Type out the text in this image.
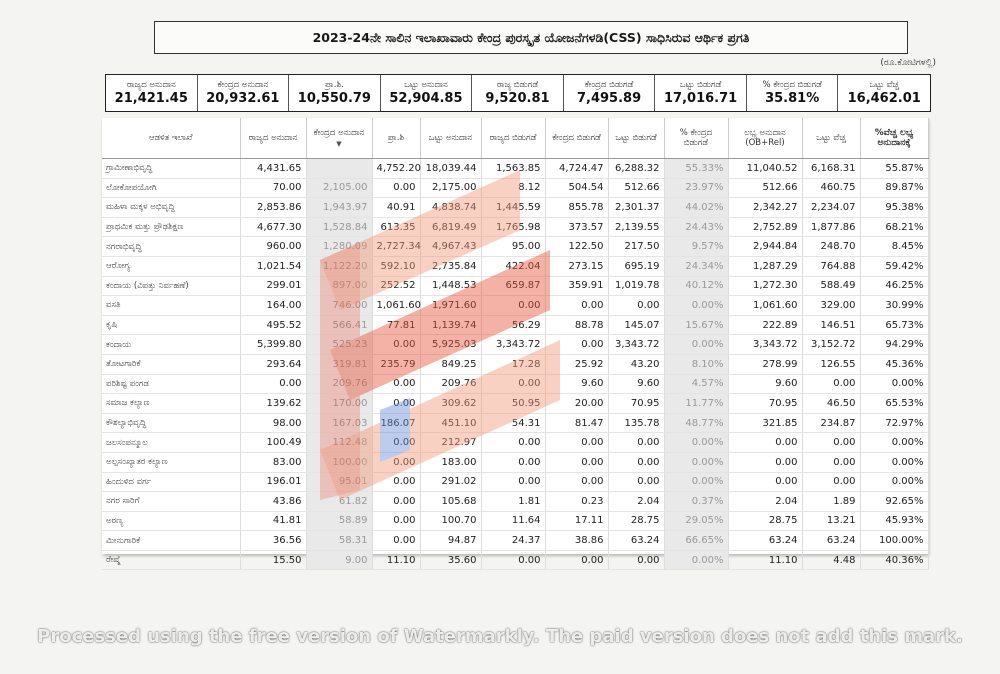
2023-24ನೇ ಸಾಲಿನ ಇಲಾಖಾವಾರು ಕೇಂದ್ರ ಪುರಸ್ಕೃತ ಯೋಜನೆಗಳಡಿ(CSS) ಸಾಧಿಸಿರುವ ಆರ್ಥಿಕ ಪ್ರಗತಿ
(ರೂ.ಕೋಟಿಗಳಲ್ಲಿ)
ರಾಜ್ಯದ ಅನುದಾನ
21,421.45
ಕೇಂದ್ರದ ಅನುದಾನ
20,932.61
ಪ್ರಾ.ಶಿ.
10,550.79
ಒಟ್ಟು ಅನುದಾನ
52,904.85
ರಾಜ್ಯ ಬಿಡುಗಡೆ
9,520.81
ಕೇಂದ್ರದ ಬಿಡುಗಡೆ
7,495.89
ಒಟ್ಟು ಬಿಡುಗಡೆ
17,016.71
% ಕೇಂದ್ರದ ಬಿಡುಗಡೆ
35.81%
ಒಟ್ಟು ವೆಚ್ಚ
16,462.01
ಆಡಳಿತ ಇಲಾಖೆ	ರಾಜ್ಯದ ಅನುದಾನ	ಕೇಂದ್ರದ ಅನುದಾನ
▼	ಪ್ರಾ.ಶಿ	ಒಟ್ಟು ಅನುದಾನ	ರಾಜ್ಯದ ಬಿಡುಗಡೆ	ಕೇಂದ್ರದ ಬಿಡುಗಡೆ	ಒಟ್ಟು ಬಿಡುಗಡೆ	% ಕೇಂದ್ರದ ಬಿಡುಗಡೆ	ಲಭ್ಯ ಅನುದಾನ (OB+Rel)	ಒಟ್ಟು ವೆಚ್ಚ	%ವೆಚ್ಚ ಲಭ್ಯ ಅನುದಾನಕ್ಕೆ
ಗ್ರಾಮೀಣಾಭಿವೃದ್ಧಿ	4,431.65		4,752.20	18,039.44	1,563.85	4,724.47	6,288.32	55.33%	11,040.52	6,168.31	55.87%
ಲೋಕೋಪಯೋಗಿ	70.00	2,105.00	0.00	2,175.00	8.12	504.54	512.66	23.97%	512.66	460.75	89.87%
ಮಹಿಳಾ ಮಕ್ಕಳ ಅಭಿವೃದ್ಧಿ	2,853.86	1,943.97	40.91	4,838.74	1,445.59	855.78	2,301.37	44.02%	2,342.27	2,234.07	95.38%
ಪ್ರಾಥಮಿಕ ಮತ್ತು ಪ್ರೌಢಶಿಕ್ಷಣ	4,677.30	1,528.84	613.35	6,819.49	1,765.98	373.57	2,139.55	24.43%	2,752.89	1,877.86	68.21%
ನಗರಾಭಿವೃದ್ಧಿ	960.00	1,280.09	2,727.34	4,967.43	95.00	122.50	217.50	9.57%	2,944.84	248.70	8.45%
ಆರೋಗ್ಯ	1,021.54	1,122.20	592.10	2,735.84	422.04	273.15	695.19	24.34%	1,287.29	764.88	59.42%
ಕಂದಾಯ (ವಿಪತ್ತು ನಿರ್ವಹಣೆ)	299.01	897.00	252.52	1,448.53	659.87	359.91	1,019.78	40.12%	1,272.30	588.49	46.25%
ವಸತಿ	164.00	746.00	1,061.60	1,971.60	0.00	0.00	0.00	0.00%	1,061.60	329.00	30.99%
ಕೃಷಿ	495.52	566.41	77.81	1,139.74	56.29	88.78	145.07	15.67%	222.89	146.51	65.73%
ಕಂದಾಯ	5,399.80	525.23	0.00	5,925.03	3,343.72	0.00	3,343.72	0.00%	3,343.72	3,152.72	94.29%
ತೋಟಗಾರಿಕೆ	293.64	319.81	235.79	849.25	17.28	25.92	43.20	8.10%	278.99	126.55	45.36%
ಪರಿಶಿಷ್ಟ ಪಂಗಡ	0.00	209.76	0.00	209.76	0.00	9.60	9.60	4.57%	9.60	0.00	0.00%
ಸಮಾಜ ಕಲ್ಯಾಣ	139.62	170.00	0.00	309.62	50.95	20.00	70.95	11.77%	70.95	46.50	65.53%
ಕೌಶಲ್ಯಾಭಿವೃದ್ಧಿ	98.00	167.03	186.07	451.10	54.31	81.47	135.78	48.77%	321.85	234.87	72.97%
ಜಲಸಂಪನ್ಮೂಲ	100.49	112.48	0.00	212.97	0.00	0.00	0.00	0.00%	0.00	0.00	0.00%
ಅಲ್ಪಸಂಖ್ಯಾತರ ಕಲ್ಯಾಣ	83.00	100.00	0.00	183.00	0.00	0.00	0.00	0.00%	0.00	0.00	0.00%
ಹಿಂದುಳಿದ ವರ್ಗ	196.01	95.01	0.00	291.02	0.00	0.00	0.00	0.00%	0.00	0.00	0.00%
ನಗರ ಸಾರಿಗೆ	43.86	61.82	0.00	105.68	1.81	0.23	2.04	0.37%	2.04	1.89	92.65%
ಅರಣ್ಯ	41.81	58.89	0.00	100.70	11.64	17.11	28.75	29.05%	28.75	13.21	45.93%
ಮೀನುಗಾರಿಕೆ	36.56	58.31	0.00	94.87	24.37	38.86	63.24	66.65%	63.24	63.24	100.00%
ರೇಷ್ಮೆ	15.50	9.00	11.10	35.60	0.00	0.00	0.00	0.00%	11.10	4.48	40.36%
Processed using the free version of Watermarkly. The paid version does not add this mark.
